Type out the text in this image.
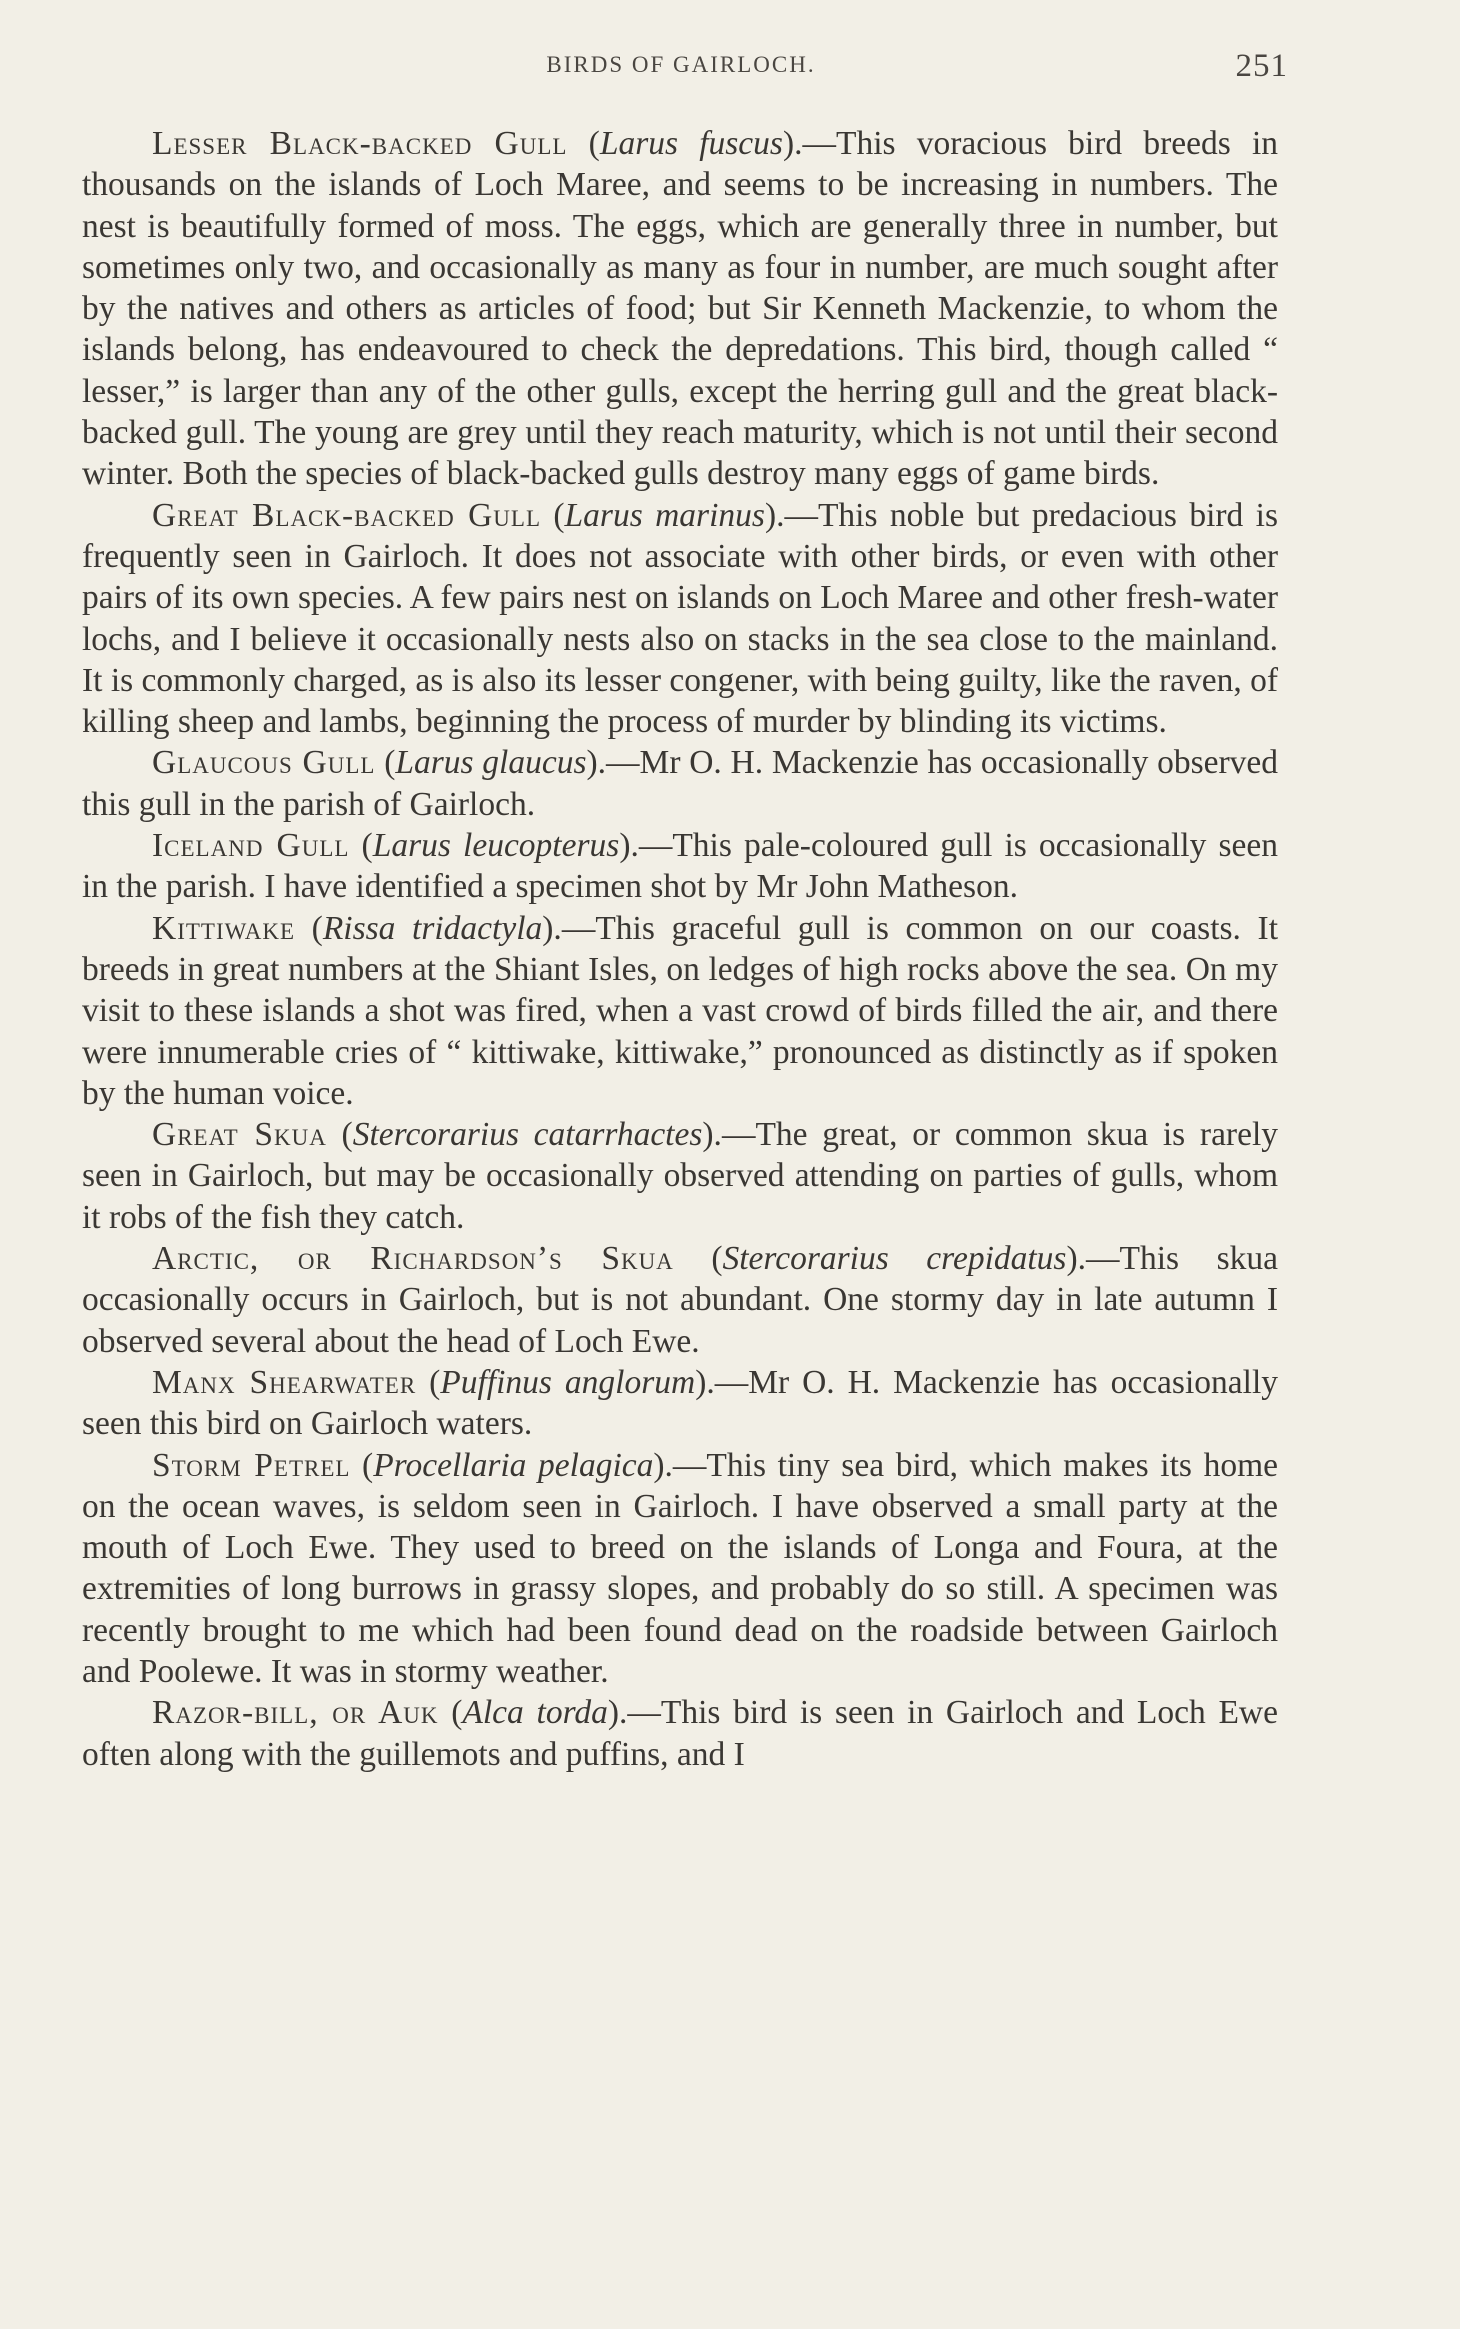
BIRDS OF GAIRLOCH.	251

Lesser Black-backed Gull (Larus fuscus).—This voracious bird breeds in thousands on the islands of Loch Maree, and seems to be increasing in numbers. The nest is beautifully formed of moss. The eggs, which are generally three in number, but sometimes only two, and occasionally as many as four in number, are much sought after by the natives and others as articles of food; but Sir Kenneth Mackenzie, to whom the islands belong, has endeavoured to check the depredations. This bird, though called “ lesser,” is larger than any of the other gulls, except the herring gull and the great black-backed gull. The young are grey until they reach maturity, which is not until their second winter. Both the species of black-backed gulls destroy many eggs of game birds.

Great Black-backed Gull (Larus marinus).—This noble but predacious bird is frequently seen in Gairloch. It does not associate with other birds, or even with other pairs of its own species. A few pairs nest on islands on Loch Maree and other fresh-water lochs, and I believe it occasionally nests also on stacks in the sea close to the mainland. It is commonly charged, as is also its lesser congener, with being guilty, like the raven, of killing sheep and lambs, beginning the process of murder by blinding its victims.

Glaucous Gull (Larus glaucus).—Mr O. H. Mackenzie has occasionally observed this gull in the parish of Gairloch.

Iceland Gull (Larus leucopterus).—This pale-coloured gull is occasionally seen in the parish. I have identified a specimen shot by Mr John Matheson.

Kittiwake (Rissa tridactyla).—This graceful gull is common on our coasts. It breeds in great numbers at the Shiant Isles, on ledges of high rocks above the sea. On my visit to these islands a shot was fired, when a vast crowd of birds filled the air, and there were innumerable cries of “ kittiwake, kittiwake,” pronounced as distinctly as if spoken by the human voice.

Great Skua (Stercorarius catarrhactes).—The great, or common skua is rarely seen in Gairloch, but may be occasionally observed attending on parties of gulls, whom it robs of the fish they catch.

Arctic, or Richardson’s Skua (Stercorarius crepidatus).—This skua occasionally occurs in Gairloch, but is not abundant. One stormy day in late autumn I observed several about the head of Loch Ewe.

Manx Shearwater (Puffinus anglorum).—Mr O. H. Mackenzie has occasionally seen this bird on Gairloch waters.

Storm Petrel (Procellaria pelagica).—This tiny sea bird, which makes its home on the ocean waves, is seldom seen in Gairloch. I have observed a small party at the mouth of Loch Ewe. They used to breed on the islands of Longa and Foura, at the extremities of long burrows in grassy slopes, and probably do so still. A specimen was recently brought to me which had been found dead on the roadside between Gairloch and Poolewe. It was in stormy weather.

Razor-bill, or Auk (Alca torda).—This bird is seen in Gairloch and Loch Ewe often along with the guillemots and puffins, and I
